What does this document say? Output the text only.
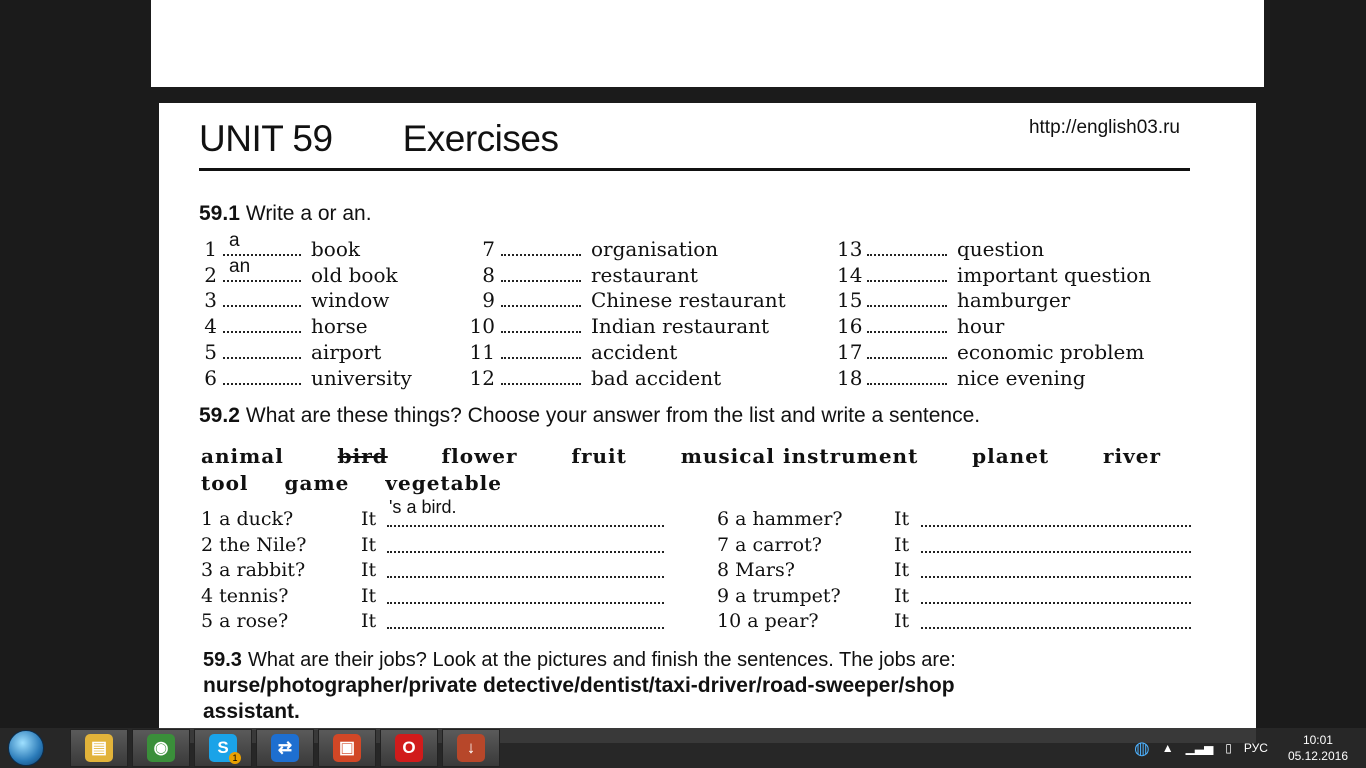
UNIT 59 Exercises	http://english03.ru
59.1 Write a or an.
1 a	book
2 an	old book
3	window
4	horse
5	airport
6	university
7	organisation
8	restaurant
9	Chinese restaurant
10	Indian restaurant
11	accident
12	bad accident
13	question
14	important question
15	hamburger
16	hour
17	economic problem
18	nice evening
59.2 What are these things? Choose your answer from the list and write a sentence.
animal	bird	flower	fruit	musical instrument	planet	river
tool game vegetable
1 a duck?	It
's a bird.
2 the Nile?	It
3 a rabbit?	It
4 tennis?	It
5 a rose?	It
6 a hammer?	It
7 a carrot?	It
8 Mars?	It
9 a trumpet?	It
10 a pear?	It
59.3 What are their jobs? Look at the pictures and finish the sentences. The jobs are:
nurse/photographer/private detective/dentist/taxi-driver/road-sweeper/shop
assistant.
▤	◉	S
1
⇄	▣	O	↓	◍ ▲ ▁▃▅ ▯ РУС
10:01
05.12.2016
